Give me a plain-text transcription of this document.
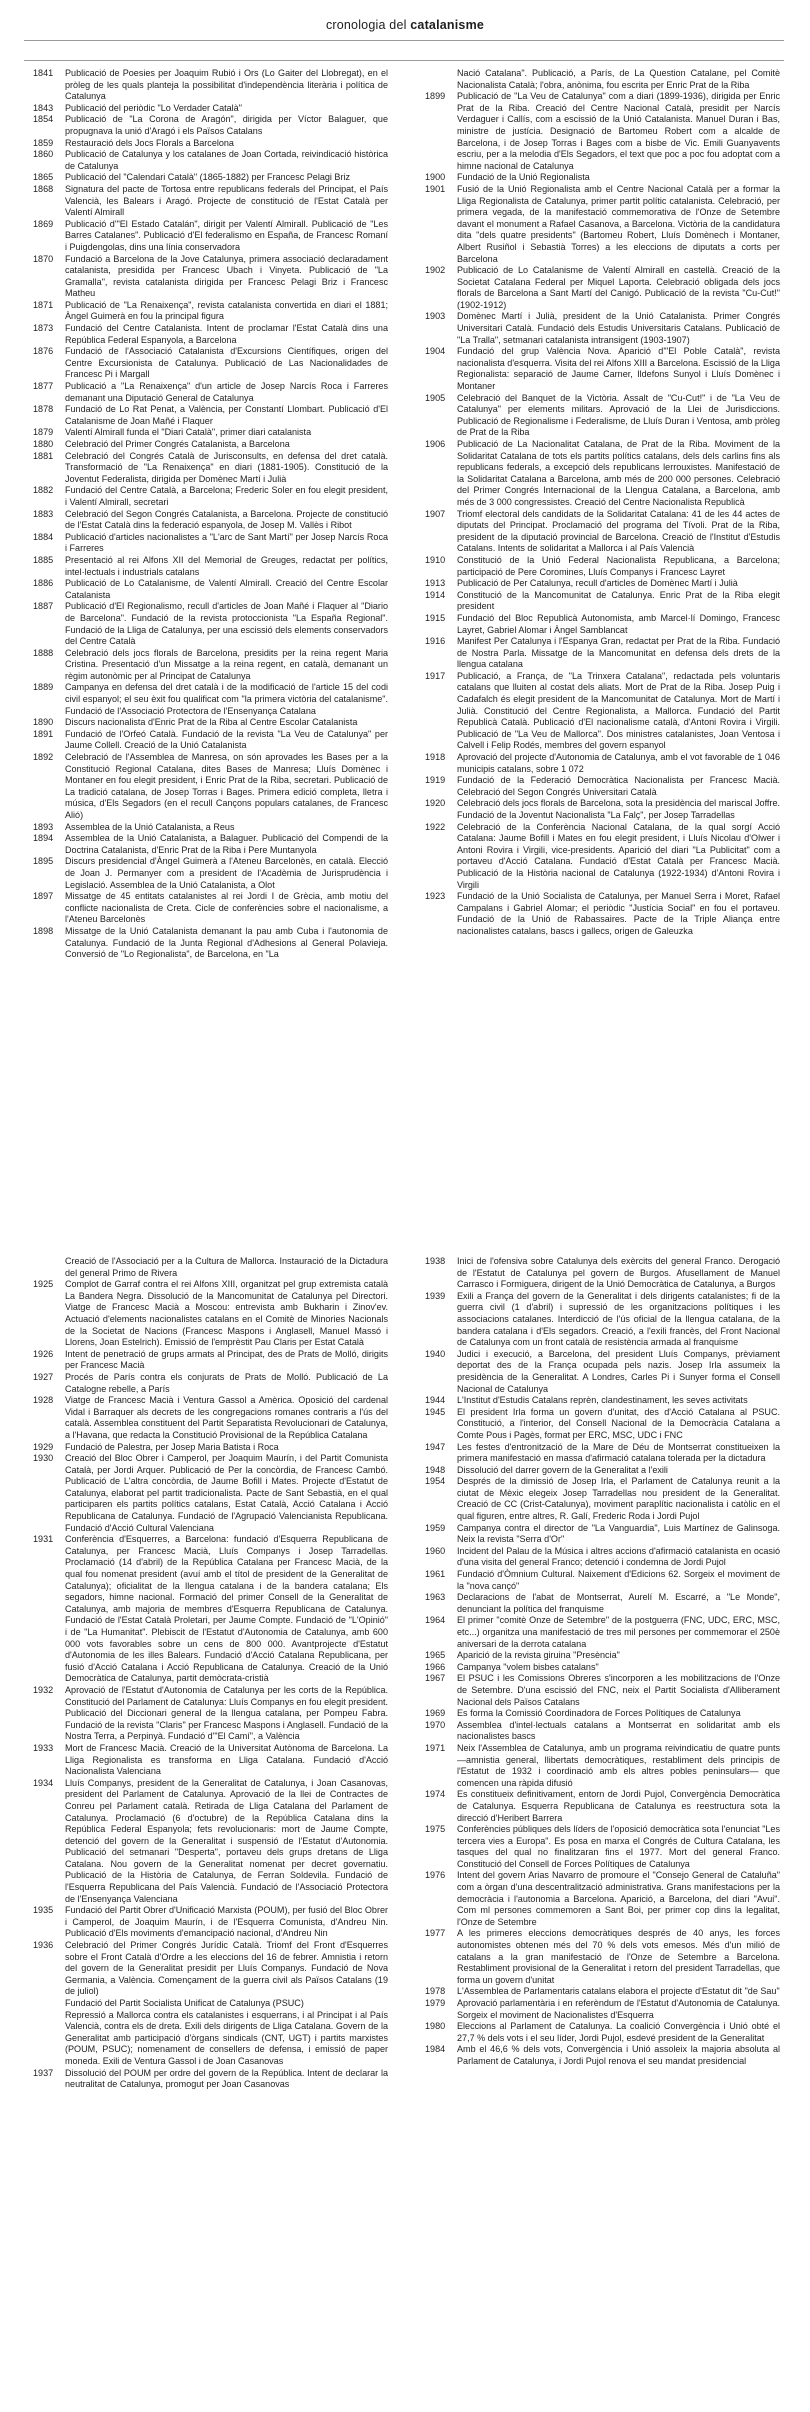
cronologia del catalanisme
1841	Publicació de Poesies per Joaquim Rubió i Ors (Lo Gaiter del Llobregat), en el pròleg de les quals planteja la possibilitat d'independència literària i política de Catalunya
1843	Publicació del periòdic "Lo Verdader Català"
1854	Publicació de "La Corona de Aragón", dirigida per Víctor Balaguer, que propugnava la unió d'Aragó i els Països Catalans
1859	Restauració dels Jocs Florals a Barcelona
1860	Publicació de Catalunya y los catalanes de Joan Cortada, reivindicació històrica de Catalunya
1865	Publicació del "Calendari Català" (1865-1882) per Francesc Pelagi Briz
1868	Signatura del pacte de Tortosa entre republicans federals del Principat, el País Valencià, les Balears i Aragó. Projecte de constitució de l'Estat Català per Valentí Almirall
1869	Publicació d'"El Estado Catalán", dirigit per Valentí Almirall. Publicació de "Les Barres Catalanes". Publicació d'El federalismo en España, de Francesc Romaní i Puigdengolas, dins una línia conservadora
1870	Fundació a Barcelona de la Jove Catalunya, primera associació declaradament catalanista, presidida per Francesc Ubach i Vinyeta. Publicació de "La Gramalla", revista catalanista dirigida per Francesc Pelagi Briz i Francesc Matheu
1871	Publicació de "La Renaixença", revista catalanista convertida en diari el 1881; Àngel Guimerà en fou la principal figura
1873	Fundació del Centre Catalanista. Intent de proclamar l'Estat Català dins una República Federal Espanyola, a Barcelona
1876	Fundació de l'Associació Catalanista d'Excursions Científiques, origen del Centre Excursionista de Catalunya. Publicació de Las Nacionalidades de Francesc Pi i Margall
1877	Publicació a "La Renaixença" d'un article de Josep Narcís Roca i Farreres demanant una Diputació General de Catalunya
1878	Fundació de Lo Rat Penat, a València, per Constantí Llombart. Publicació d'El Catalanisme de Joan Mañé i Flaquer
1879	Valentí Almirall funda el "Diari Català", primer diari catalanista
1880	Celebració del Primer Congrés Catalanista, a Barcelona
1881	Celebració del Congrés Català de Jurisconsults, en defensa del dret català. Transformació de "La Renaixença" en diari (1881-1905). Constitució de la Joventut Federalista, dirigida per Domènec Martí i Julià
1882	Fundació del Centre Català, a Barcelona; Frederic Soler en fou elegit president, i Valentí Almirall, secretari
1883	Celebració del Segon Congrés Catalanista, a Barcelona. Projecte de constitució de l'Estat Català dins la federació espanyola, de Josep M. Vallès i Ribot
1884	Publicació d'articles nacionalistes a "L'arc de Sant Martí" per Josep Narcís Roca i Farreres
1885	Presentació al rei Alfons XII del Memorial de Greuges, redactat per polítics, intel·lectuals i industrials catalans
1886	Publicació de Lo Catalanisme, de Valentí Almirall. Creació del Centre Escolar Catalanista
1887	Publicació d'El Regionalismo, recull d'articles de Joan Mañé i Flaquer al "Diario de Barcelona". Fundació de la revista protoccionista "La España Regional". Fundació de la Lliga de Catalunya, per una escissió dels elements conservadors del Centre Català
1888	Celebració dels jocs florals de Barcelona, presidits per la reina regent Maria Cristina. Presentació d'un Missatge a la reina regent, en català, demanant un règim autonòmic per al Principat de Catalunya
1889	Campanya en defensa del dret català i de la modificació de l'article 15 del codi civil espanyol; el seu èxit fou qualificat com "la primera victòria del catalanisme". Fundació de l'Associació Protectora de l'Ensenyança Catalana
1890	Discurs nacionalista d'Enric Prat de la Riba al Centre Escolar Catalanista
1891	Fundació de l'Orfeó Català. Fundació de la revista "La Veu de Catalunya" per Jaume Collell. Creació de la Unió Catalanista
1892	Celebració de l'Assemblea de Manresa, on són aprovades les Bases per a la Constitució Regional Catalana, dites Bases de Manresa; Lluís Domènec i Montaner en fou elegit president, i Enric Prat de la Riba, secretari. Publicació de La tradició catalana, de Josep Torras i Bages. Primera edició completa, lletra i música, d'Els Segadors (en el recull Cançons populars catalanes, de Francesc Alió)
1893	Assemblea de la Unió Catalanista, a Reus
1894	Assemblea de la Unió Catalanista, a Balaguer. Publicació del Compendi de la Doctrina Catalanista, d'Enric Prat de la Riba i Pere Muntanyola
1895	Discurs presidencial d'Àngel Guimerà a l'Ateneu Barcelonès, en català. Elecció de Joan J. Permanyer com a president de l'Acadèmia de Jurisprudència i Legislació. Assemblea de la Unió Catalanista, a Olot
1897	Missatge de 45 entitats catalanistes al rei Jordi I de Grècia, amb motiu del conflicte nacionalista de Creta. Cicle de conferències sobre el nacionalisme, a l'Ateneu Barcelonès
1898	Missatge de la Unió Catalanista demanant la pau amb Cuba i l'autonomia de Catalunya. Fundació de la Junta Regional d'Adhesions al General Polavieja. Conversió de "Lo Regionalista", de Barcelona, en "La
Nació Catalana". Publicació, a París, de La Question Catalane, pel Comitè Nacionalista Català; l'obra, anònima, fou escrita per Enric Prat de la Riba
1899	Publicació de "La Veu de Catalunya" com a diari (1899-1936), dirigida per Enric Prat de la Riba. Creació del Centre Nacional Català, presidit per Narcís Verdaguer i Callís, com a escissió de la Unió Catalanista. Manuel Duran i Bas, ministre de justícia. Designació de Bartomeu Robert com a alcalde de Barcelona, i de Josep Torras i Bages com a bisbe de Vic. Emili Guanyavents escriu, per a la melodia d'Els Segadors, el text que poc a poc fou adoptat com a himne nacional de Catalunya
1900	Fundació de la Unió Regionalista
1901	Fusió de la Unió Regionalista amb el Centre Nacional Català per a formar la Lliga Regionalista de Catalunya, primer partit polític catalanista. Celebració, per primera vegada, de la manifestació commemorativa de l'Onze de Setembre davant el monument a Rafael Casanova, a Barcelona. Victòria de la candidatura dita "dels quatre presidents" (Bartomeu Robert, Lluís Domènech i Montaner, Albert Rusiñol i Sebastià Torres) a les eleccions de diputats a corts per Barcelona
1902	Publicació de Lo Catalanisme de Valentí Almirall en castellà. Creació de la Societat Catalana Federal per Miquel Laporta. Celebració obligada dels jocs florals de Barcelona a Sant Martí del Canigó. Publicació de la revista "Cu-Cut!" (1902-1912)
1903	Domènec Martí i Julià, president de la Unió Catalanista. Primer Congrés Universitari Català. Fundació dels Estudis Universitaris Catalans. Publicació de "La Tralla", setmanari catalanista intransigent (1903-1907)
1904	Fundació del grup València Nova. Aparició d'"El Poble Català", revista nacionalista d'esquerra. Visita del rei Alfons XIII a Barcelona. Escissió de la Lliga Regionalista: separació de Jaume Carner, Ildefons Sunyol i Lluís Domènec i Montaner
1905	Celebració del Banquet de la Victòria. Assalt de "Cu-Cut!" i de "La Veu de Catalunya" per elements militars. Aprovació de la Llei de Jurisdiccions. Publicació de Regionalisme i Federalisme, de Lluís Duran i Ventosa, amb pròleg de Prat de la Riba
1906	Publicació de La Nacionalitat Catalana, de Prat de la Riba. Moviment de la Solidaritat Catalana de tots els partits polítics catalans, dels dels carlins fins als republicans federals, a excepció dels republicans lerrouxistes. Manifestació de la Solidaritat Catalana a Barcelona, amb més de 200 000 persones. Celebració del Primer Congrés Internacional de la Llengua Catalana, a Barcelona, amb més de 3 000 congressistes. Creació del Centre Nacionalista Republicà
1907	Triomf electoral dels candidats de la Solidaritat Catalana: 41 de les 44 actes de diputats del Principat. Proclamació del programa del Tívoli. Prat de la Riba, president de la diputació provincial de Barcelona. Creació de l'Institut d'Estudis Catalans. Intents de solidaritat a Mallorca i al País Valencià
1910	Constitució de la Unió Federal Nacionalista Republicana, a Barcelona; participació de Pere Coromines, Lluís Companys i Francesc Layret
1913	Publicació de Per Catalunya, recull d'articles de Domènec Martí i Julià
1914	Constitució de la Mancomunitat de Catalunya. Enric Prat de la Riba elegit president
1915	Fundació del Bloc Republicà Autonomista, amb Marcel·lí Domingo, Francesc Layret, Gabriel Alomar i Àngel Samblancat
1916	Manifest Per Catalunya i l'Espanya Gran, redactat per Prat de la Riba. Fundació de Nostra Parla. Missatge de la Mancomunitat en defensa dels drets de la llengua catalana
1917	Publicació, a França, de "La Trinxera Catalana", redactada pels voluntaris catalans que lluiten al costat dels aliats. Mort de Prat de la Riba. Josep Puig i Cadafalch és elegit president de la Mancomunitat de Catalunya. Mort de Martí i Julià. Constitució del Centre Regionalista, a Mallorca. Fundació del Partit Republicà Català. Publicació d'El nacionalisme català, d'Antoni Rovira i Virgili. Publicació de "La Veu de Mallorca". Dos ministres catalanistes, Joan Ventosa i Calvell i Felip Rodés, membres del govern espanyol
1918	Aprovació del projecte d'Autonomia de Catalunya, amb el vot favorable de 1 046 municipis catalans, sobre 1 072
1919	Fundació de la Federació Democràtica Nacionalista per Francesc Macià. Celebració del Segon Congrés Universitari Català
1920	Celebració dels jocs florals de Barcelona, sota la presidència del mariscal Joffre. Fundació de la Joventut Nacionalista "La Falç", per Josep Tarradellas
1922	Celebració de la Conferència Nacional Catalana, de la qual sorgí Acció Catalana: Jaume Bofill i Mates en fou elegit president, i Lluís Nicolau d'Olwer i Antoni Rovira i Virgili, vice-presidents. Aparició del diari "La Publicitat" com a portaveu d'Acció Catalana. Fundació d'Estat Català per Francesc Macià. Publicació de la Història nacional de Catalunya (1922-1934) d'Antoni Rovira i Virgili
1923	Fundació de la Unió Socialista de Catalunya, per Manuel Serra i Moret, Rafael Campalans i Gabriel Alomar; el periòdic "Justícia Social" en fou el portaveu. Fundació de la Unió de Rabassaires. Pacte de la Triple Aliança entre nacionalistes catalans, bascs i gallecs, origen de Galeuzka
Creació de l'Associació per a la Cultura de Mallorca. Instauració de la Dictadura del general Primo de Rivera
1925	Complot de Garraf contra el rei Alfons XIII, organitzat pel grup extremista català La Bandera Negra. Dissolució de la Mancomunitat de Catalunya pel Directori. Viatge de Francesc Macià a Moscou: entrevista amb Bukharin i Zinov'ev. Actuació d'elements nacionalistes catalans en el Comitè de Minories Nacionals de la Societat de Nacions (Francesc Maspons i Anglasell, Manuel Massó i Llorens, Joan Estelrich). Emissió de l'emprèstit Pau Claris per Estat Català
1926	Intent de penetració de grups armats al Principat, des de Prats de Molló, dirigits per Francesc Macià
1927	Procés de París contra els conjurats de Prats de Molló. Publicació de La Catalogne rebelle, a París
1928	Viatge de Francesc Macià i Ventura Gassol a Amèrica. Oposició del cardenal Vidal i Barraquer als decrets de les congregacions romanes contraris a l'ús del català. Assemblea constituent del Partit Separatista Revolucionari de Catalunya, a l'Havana, que redacta la Constitució Provisional de la República Catalana
1929	Fundació de Palestra, per Josep Maria Batista i Roca
1930	Creació del Bloc Obrer i Camperol, per Joaquim Maurín, i del Partit Comunista Català, per Jordi Arquer. Publicació de Per la concòrdia, de Francesc Cambó. Publicació de L'altra concòrdia, de Jaume Bofill i Mates. Projecte d'Estatut de Catalunya, elaborat pel partit tradicionalista. Pacte de Sant Sebastià, en el qual participaren els partits polítics catalans, Estat Català, Acció Catalana i Acció Republicana de Catalunya. Fundació de l'Agrupació Valencianista Republicana. Fundació d'Acció Cultural Valenciana
1931	Conferència d'Esquerres, a Barcelona: fundació d'Esquerra Republicana de Catalunya, per Francesc Macià, Lluís Companys i Josep Tarradellas. Proclamació (14 d'abril) de la República Catalana per Francesc Macià, de la qual fou nomenat president (avuí amb el títol de president de la Generalitat de Catalunya); oficialitat de la llengua catalana i de la bandera catalana; Els segadors, himne nacional. Formació del primer Consell de la Generalitat de Catalunya, amb majoria de membres d'Esquerra Republicana de Catalunya. Fundació de l'Estat Català Proletari, per Jaume Compte. Fundació de "L'Opinió" i de "La Humanitat". Plebiscit de l'Estatut d'Autonomia de Catalunya, amb 600 000 vots favorables sobre un cens de 800 000. Avantprojecte d'Estatut d'Autonomia de les illes Balears. Fundació d'Acció Catalana Republicana, per fusió d'Acció Catalana i Acció Republicana de Catalunya. Creació de la Unió Democràtica de Catalunya, partit demòcrata-cristià
1932	Aprovació de l'Estatut d'Autonomia de Catalunya per les corts de la República. Constitució del Parlament de Catalunya: Lluís Companys en fou elegit president. Publicació del Diccionari general de la llengua catalana, per Pompeu Fabra. Fundació de la revista "Claris" per Francesc Maspons i Anglasell. Fundació de la Nostra Terra, a Perpinyà. Fundació d'"El Camí", a València
1933	Mort de Francesc Macià. Creació de la Universitat Autònoma de Barcelona. La Lliga Regionalista es transforma en Lliga Catalana. Fundació d'Acció Nacionalista Valenciana
1934	Lluís Companys, president de la Generalitat de Catalunya, i Joan Casanovas, president del Parlament de Catalunya. Aprovació de la llei de Contractes de Conreu pel Parlament català. Retirada de Lliga Catalana del Parlament de Catalunya. Proclamació (6 d'octubre) de la República Catalana dins la República Federal Espanyola; fets revolucionaris: mort de Jaume Compte, detenció del govern de la Generalitat i suspensió de l'Estatut d'Autonomia. Publicació del setmanari "Desperta", portaveu dels grups dretans de Lliga Catalana. Nou govern de la Generalitat nomenat per decret governatiu. Publicació de la Història de Catalunya, de Ferran Soldevila. Fundació de l'Esquerra Republicana del País Valencià. Fundació de l'Associació Protectora de l'Ensenyança Valenciana
1935	Fundació del Partit Obrer d'Unificació Marxista (POUM), per fusió del Bloc Obrer i Camperol, de Joaquim Maurín, i de l'Esquerra Comunista, d'Andreu Nin. Publicació d'Els moviments d'emancipació nacional, d'Andreu Nin
1936	Celebració del Primer Congrés Jurídic Català. Triomf del Front d'Esquerres sobre el Front Català d'Ordre a les eleccions del 16 de febrer. Amnistia i retorn del govern de la Generalitat presidit per Lluís Companys. Fundació de Nova Germania, a València. Començament de la guerra civil als Països Catalans (19 de juliol)
Fundació del Partit Socialista Unificat de Catalunya (PSUC)
Repressió a Mallorca contra els catalanistes i esquerrans, i al Principat i al País Valencià, contra els de dreta. Exili dels dirigents de Lliga Catalana. Govern de la Generalitat amb participació d'òrgans sindicals (CNT, UGT) i partits marxistes (POUM, PSUC); nomenament de consellers de defensa, i emissió de paper moneda. Exili de Ventura Gassol i de Joan Casanovas
1937	Dissolució del POUM per ordre del govern de la República. Intent de declarar la neutralitat de Catalunya, promogut per Joan Casanovas
1938	Inici de l'ofensiva sobre Catalunya dels exèrcits del general Franco. Derogació de l'Estatut de Catalunya pel govern de Burgos. Afusellament de Manuel Carrasco i Formiguera, dirigent de la Unió Democràtica de Catalunya, a Burgos
1939	Exili a França del govern de la Generalitat i dels dirigents catalanistes; fi de la guerra civil (1 d'abril) i supressió de les organitzacions polítiques i les associacions catalanes. Interdicció de l'ús oficial de la llengua catalana, de la bandera catalana i d'Els segadors. Creació, a l'exili francès, del Front Nacional de Catalunya com un front català de resistència armada al franquisme
1940	Judici i execució, a Barcelona, del president Lluís Companys, prèviament deportat des de la França ocupada pels nazis. Josep Irla assumeix la presidència de la Generalitat. A Londres, Carles Pi i Sunyer forma el Consell Nacional de Catalunya
1944	L'Institut d'Estudis Catalans reprèn, clandestinament, les seves activitats
1945	El president Irla forma un govern d'unitat, des d'Acció Catalana al PSUC. Constitució, a l'interior, del Consell Nacional de la Democràcia Catalana a Comte Pous i Pagès, format per ERC, MSC, UDC i FNC
1947	Les festes d'entronització de la Mare de Déu de Montserrat constitueixen la primera manifestació en massa d'afirmació catalana tolerada per la dictadura
1948	Dissolució del darrer govern de la Generalitat a l'exili
1954	Després de la dimissió de Josep Irla, el Parlament de Catalunya reunit a la ciutat de Mèxic elegeix Josep Tarradellas nou president de la Generalitat. Creació de CC (Crist-Catalunya), moviment paraplític nacionalista i catòlic en el qual figuren, entre altres, R. Galí, Frederic Roda i Jordi Pujol
1959	Campanya contra el director de "La Vanguardia", Luis Martínez de Galinsoga. Neix la revista "Serra d'Or"
1960	Incident del Palau de la Música i altres accions d'afirmació catalanista en ocasió d'una visita del general Franco; detenció i condemna de Jordi Pujol
1961	Fundació d'Òmnium Cultural. Naixement d'Edicions 62. Sorgeix el moviment de la "nova cançó"
1963	Declaracions de l'abat de Montserrat, Aurelí M. Escarré, a "Le Monde", denunciant la política del franquisme
1964	El primer "comitè Onze de Setembre" de la postguerra (FNC, UDC, ERC, MSC, etc...) organitza una manifestació de tres mil persones per commemorar el 250è aniversari de la derrota catalana
1965	Aparició de la revista giruina "Presència"
1966	Campanya "volem bisbes catalans"
1967	El PSUC i les Comissions Obreres s'incorporen a les mobilitzacions de l'Onze de Setembre. D'una escissió del FNC, neix el Partit Socialista d'Alliberament Nacional dels Països Catalans
1969	Es forma la Comissió Coordinadora de Forces Polítiques de Catalunya
1970	Assemblea d'intel·lectuals catalans a Montserrat en solidaritat amb els nacionalistes bascs
1971	Neix l'Assemblea de Catalunya, amb un programa reivindicatiu de quatre punts —amnistia general, llibertats democràtiques, restabliment dels principis de l'Estatut de 1932 i coordinació amb els altres pobles peninsulars— que comencen una ràpida difusió
1974	Es constitueix definitivament, entorn de Jordi Pujol, Convergència Democràtica de Catalunya. Esquerra Republicana de Catalunya es reestructura sota la direcció d'Heribert Barrera
1975	Conferències públiques dels líders de l'oposició democràtica sota l'enunciat "Les tercera vies a Europa". Es posa en marxa el Congrés de Cultura Catalana, les tasques del qual no finalitzaran fins el 1977. Mort del general Franco. Constitució del Consell de Forces Polítiques de Catalunya
1976	Intent del govern Arias Navarro de promoure el "Consejo General de Cataluña" com a òrgan d'una descentralització administrativa. Grans manifestacions per la democràcia i l'autonomia a Barcelona. Aparició, a Barcelona, del diari "Avui". Com ml persones commemoren a Sant Boi, per primer cop dins la legalitat, l'Onze de Setembre
1977	A les primeres eleccions democràtiques després de 40 anys, les forces autonomistes obtenen més del 70 % dels vots emesos. Més d'un milió de catalans a la gran manifestació de l'Onze de Setembre a Barcelona. Restabliment provisional de la Generalitat i retorn del president Tarradellas, que forma un govern d'unitat
1978	L'Assemblea de Parlamentaris catalans elabora el projecte d'Estatut dit "de Sau"
1979	Aprovació parlamentària i en referèndum de l'Estatut d'Autonomia de Catalunya. Sorgeix el moviment de Nacionalistes d'Esquerra
1980	Eleccions al Parlament de Catalunya. La coalició Convergència i Unió obté el 27,7 % dels vots i el seu líder, Jordi Pujol, esdevé president de la Generalitat
1984	Amb el 46,6 % dels vots, Convergència i Unió assoleix la majoria absoluta al Parlament de Catalunya, i Jordi Pujol renova el seu mandat presidencial
